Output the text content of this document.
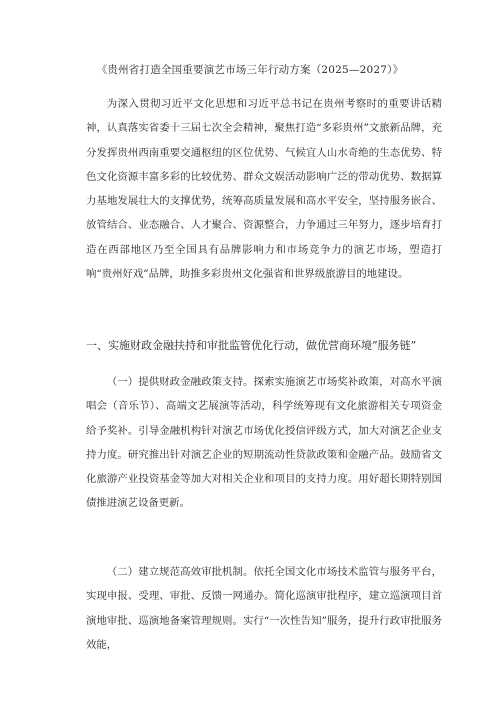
《贵州省打造全国重要演艺市场三年行动方案（2025—2027）》

为深入贯彻习近平文化思想和习近平总书记在贵州考察时的重要讲话精神，认真落实省委十三届七次全会精神，聚焦打造“多彩贵州”文旅新品牌，充分发挥贵州西南重要交通枢纽的区位优势、气候宜人山水奇绝的生态优势、特色文化资源丰富多彩的比较优势、群众文娱活动影响广泛的带动优势、数据算力基地发展壮大的支撑优势，统筹高质量发展和高水平安全，坚持服务嵌合、放管结合、业态融合、人才聚合、资源整合，力争通过三年努力，逐步培育打造在西部地区乃至全国具有品牌影响力和市场竞争力的演艺市场，塑造打响“贵州好戏”品牌，助推多彩贵州文化强省和世界级旅游目的地建设。

一、实施财政金融扶持和审批监管优化行动，做优营商环境”服务链”

（一）提供财政金融政策支持。探索实施演艺市场奖补政策，对高水平演唱会（音乐节）、高端文艺展演等活动，科学统筹现有文化旅游相关专项资金给予奖补。引导金融机构针对演艺市场优化授信评级方式，加大对演艺企业支持力度。研究推出针对演艺企业的短期流动性贷款政策和金融产品。鼓励省文化旅游产业投资基金等加大对相关企业和项目的支持力度。用好超长期特别国债推进演艺设备更新。

（二）建立规范高效审批机制。依托全国文化市场技术监管与服务平台，实现申报、受理、审批、反馈一网通办。简化巡演审批程序，建立巡演项目首演地审批、巡演地备案管理规则。实行“一次性告知”服务，提升行政审批服务效能，
